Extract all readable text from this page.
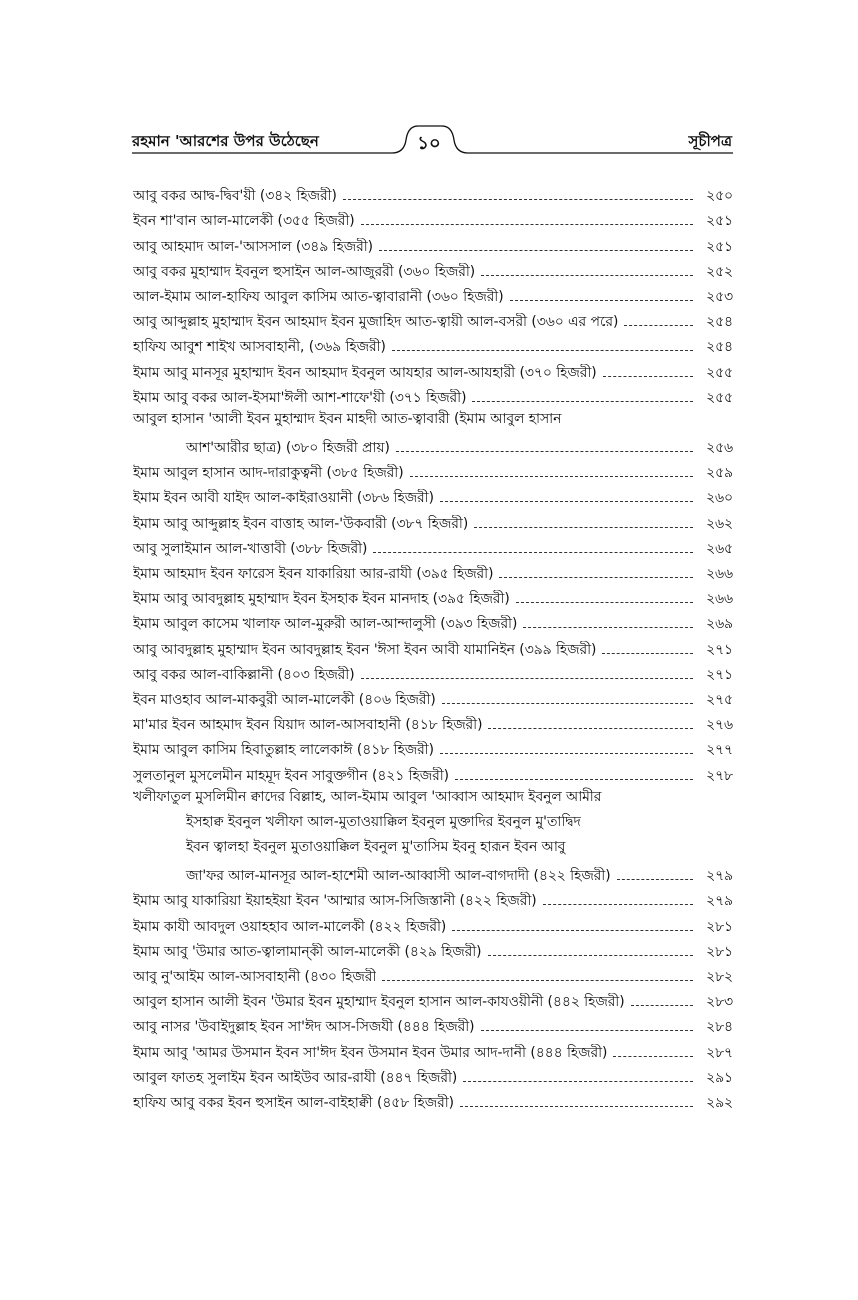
রহমান 'আরশের উপর উঠেছেন	১০	সূচীপত্র
আবু বকর আদ্ব-দ্বিব'য়ী (৩৪২ হিজরী)	২৫০
ইবন শা'বান আল-মালেকী (৩৫৫ হিজরী)	২৫১
আবু আহমাদ আল-'আসসাল (৩৪৯ হিজরী)	২৫১
আবু বকর মুহাম্মাদ ইবনুল হুসাইন আল-আজুররী (৩৬০ হিজরী)	২৫২
আল-ইমাম আল-হাফিয আবুল কাসিম আত-ত্বাবারানী (৩৬০ হিজরী)	২৫৩
আবু আব্দুল্লাহ মুহাম্মাদ ইবন আহমাদ ইবন মুজাহিদ আত-ত্বায়ী আল-বসরী (৩৬০ এর পরে)	২৫৪
হাফিয আবুশ শাইখ আসবাহানী, (৩৬৯ হিজরী)	২৫৪
ইমাম আবু মানসূর মুহাম্মাদ ইবন আহমাদ ইবনুল আযহার আল-আযহারী (৩৭০ হিজরী)	২৫৫
ইমাম আবু বকর আল-ইসমা'ঈলী আশ-শাফে'য়ী (৩৭১ হিজরী)	২৫৫
আবুল হাসান 'আলী ইবন মুহাম্মাদ ইবন মাহদী আত-ত্বাবারী (ইমাম আবুল হাসান
আশ'আরীর ছাত্র) (৩৮০ হিজরী প্রায়)	২৫৬
ইমাম আবুল হাসান আদ-দারাকুত্বনী (৩৮৫ হিজরী)	২৫৯
ইমাম ইবন আবী যাইদ আল-কাইরাওয়ানী (৩৮৬ হিজরী)	২৬০
ইমাম আবু আব্দুল্লাহ ইবন বাত্তাহ আল-'উকবারী (৩৮৭ হিজরী)	২৬২
আবু সুলাইমান আল-খাত্তাবী (৩৮৮ হিজরী)	২৬৫
ইমাম আহমাদ ইবন ফারেস ইবন যাকারিয়া আর-রাযী (৩৯৫ হিজরী)	২৬৬
ইমাম আবু আবদুল্লাহ মুহাম্মাদ ইবন ইসহাক ইবন মানদাহ (৩৯৫ হিজরী)	২৬৬
ইমাম আবুল কাসেম খালাফ আল-মুরুরী আল-আন্দালুসী (৩৯৩ হিজরী)	২৬৯
আবু আবদুল্লাহ মুহাম্মাদ ইবন আবদুল্লাহ ইবন 'ঈসা ইবন আবী যামানিইন (৩৯৯ হিজরী)	২৭১
আবু বকর আল-বাকিল্লানী (৪০৩ হিজরী)	২৭১
ইবন মাওহাব আল-মাকবুরী আল-মালেকী (৪০৬ হিজরী)	২৭৫
মা'মার ইবন আহমাদ ইবন যিয়াদ আল-আসবাহানী (৪১৮ হিজরী)	২৭৬
ইমাম আবুল কাসিম হিবাতুল্লাহ লালেকাঈ (৪১৮ হিজরী)	২৭৭
সুলতানুল মুসলেমীন মাহমূদ ইবন সাবুক্তগীন (৪২১ হিজরী)	২৭৮
খলীফাতুল মুসলিমীন ক্বাদের বিল্লাহ, আল-ইমাম আবুল 'আব্বাস আহমাদ ইবনুল আমীর
ইসহাক্ব ইবনুল খলীফা আল-মুতাওয়াক্কিল ইবনুল মুক্তাদির ইবনুল মু'তাদ্বিদ
ইবন ত্বালহা ইবনুল মুতাওয়াক্কিল ইবনুল মু'তাসিম ইবনু হারূন ইবন আবু
জা'ফর আল-মানসূর আল-হাশেমী আল-আব্বাসী আল-বাগদাদী (৪২২ হিজরী)	২৭৯
ইমাম আবু যাকারিয়া ইয়াহইয়া ইবন 'আম্মার আস-সিজিস্তানী (৪২২ হিজরী)	২৭৯
ইমাম কাযী আবদুল ওয়াহহাব আল-মালেকী (৪২২ হিজরী)	২৮১
ইমাম আবু 'উমার আত-ত্বালামান্কী আল-মালেকী (৪২৯ হিজরী)	২৮১
আবু নু'আইম আল-আসবাহানী (৪৩০ হিজরী	২৮২
আবুল হাসান আলী ইবন 'উমার ইবন মুহাম্মাদ ইবনুল হাসান আল-কাযওয়ীনী (৪৪২ হিজরী)	২৮৩
আবু নাসর 'উবাইদুল্লাহ ইবন সা'ঈদ আস-সিজযী (৪৪৪ হিজরী)	২৮৪
ইমাম আবু 'আমর উসমান ইবন সা'ঈদ ইবন উসমান ইবন উমার আদ-দানী (৪৪৪ হিজরী)	২৮৭
আবুল ফাতহ সুলাইম ইবন আইউব আর-রাযী (৪৪৭ হিজরী)	২৯১
হাফিয আবু বকর ইবন হুসাইন আল-বাইহাক্বী (৪৫৮ হিজরী)	২৯২
